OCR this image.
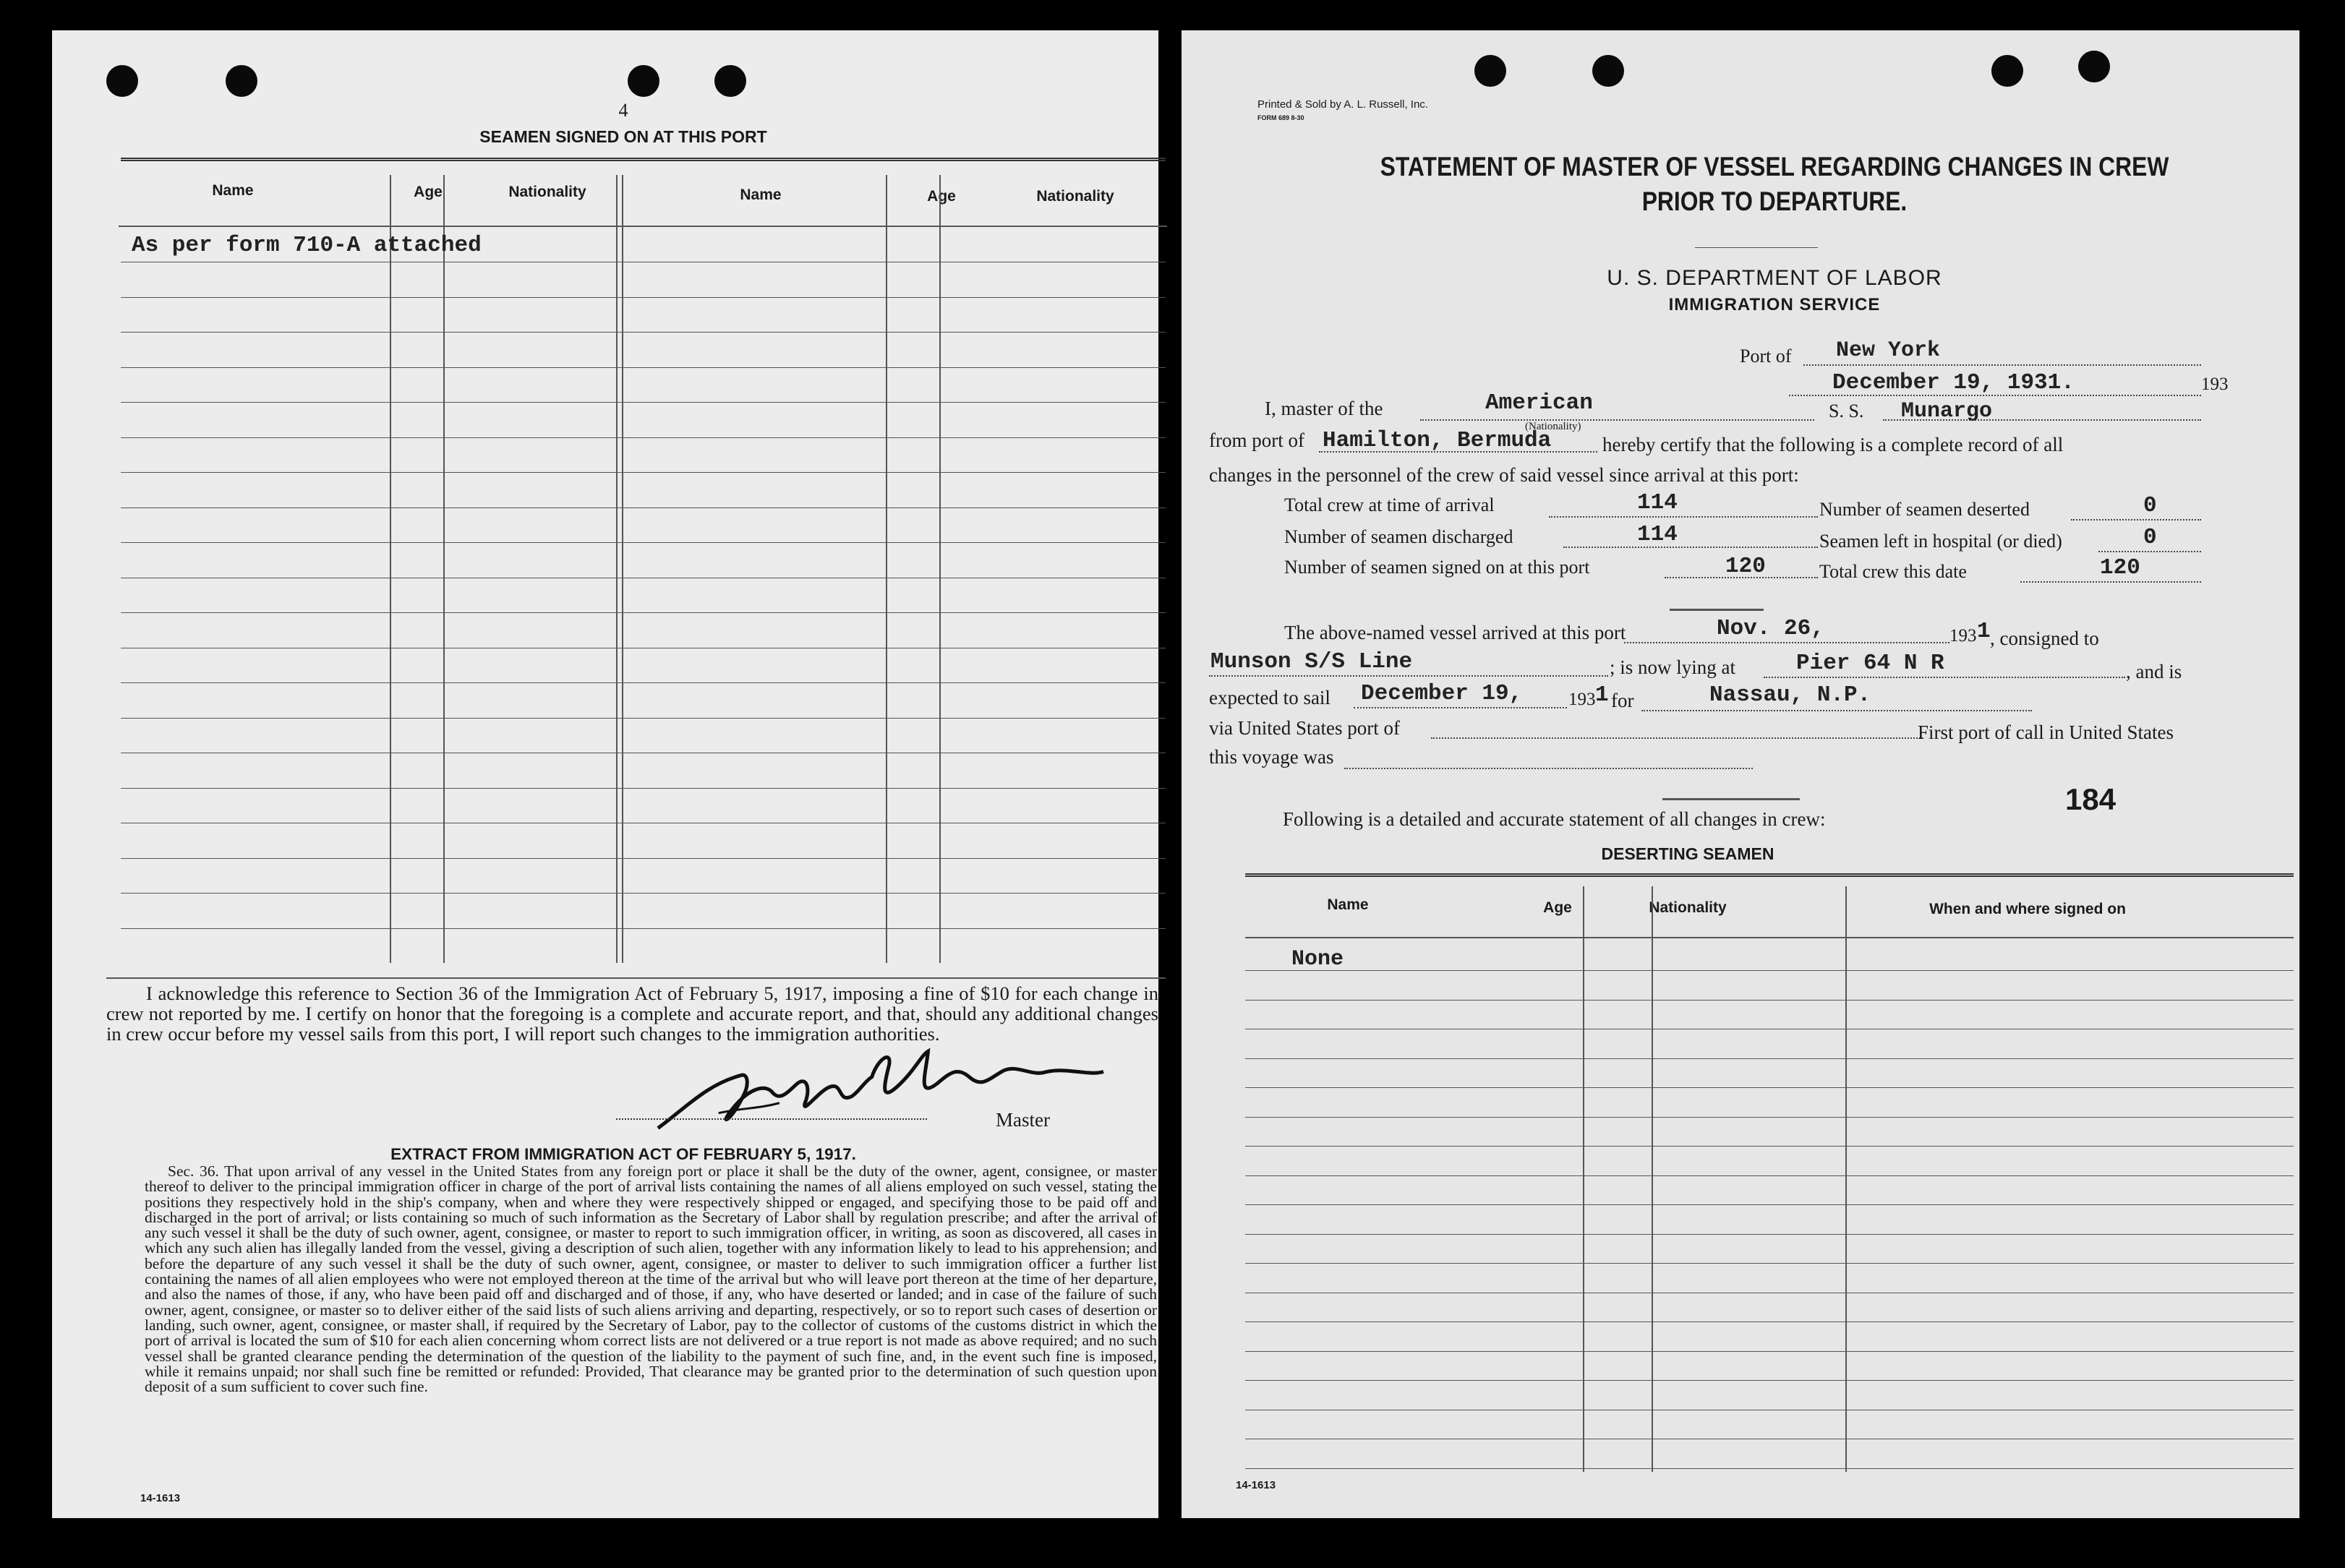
4
SEAMEN SIGNED ON AT THIS PORT
Name	Age	Nationality	Name	Age	Nationality
As per form 710-A attached
I acknowledge this reference to Section 36 of the Immigration Act of February 5, 1917, imposing a fine of $10 for each change in crew not reported by me. I certify on honor that the foregoing is a complete and accurate report, and that, should any additional changes in crew occur before my vessel sails from this port, I will report such changes to the immigration authorities.
Master
EXTRACT FROM IMMIGRATION ACT OF FEBRUARY 5, 1917.
Sec. 36. That upon arrival of any vessel in the United States from any foreign port or place it shall be the duty of the owner, agent, consignee, or master thereof to deliver to the principal immigration officer in charge of the port of arrival lists containing the names of all aliens employed on such vessel, stating the positions they respectively hold in the ship's company, when and where they were respectively shipped or engaged, and specifying those to be paid off and discharged in the port of arrival; or lists containing so much of such information as the Secretary of Labor shall by regulation prescribe; and after the arrival of any such vessel it shall be the duty of such owner, agent, consignee, or master to report to such immigration officer, in writing, as soon as discovered, all cases in which any such alien has illegally landed from the vessel, giving a description of such alien, together with any information likely to lead to his apprehension; and before the departure of any such vessel it shall be the duty of such owner, agent, consignee, or master to deliver to such immigration officer a further list containing the names of all alien employees who were not employed thereon at the time of the arrival but who will leave port thereon at the time of her departure, and also the names of those, if any, who have been paid off and discharged and of those, if any, who have deserted or landed; and in case of the failure of such owner, agent, consignee, or master so to deliver either of the said lists of such aliens arriving and departing, respectively, or so to report such cases of desertion or landing, such owner, agent, consignee, or master shall, if required by the Secretary of Labor, pay to the collector of customs of the customs district in which the port of arrival is located the sum of $10 for each alien concerning whom correct lists are not delivered or a true report is not made as above required; and no such vessel shall be granted clearance pending the determination of the question of the liability to the payment of such fine, and, in the event such fine is imposed, while it remains unpaid; nor shall such fine be remitted or refunded: Provided, That clearance may be granted prior to the determination of such question upon deposit of a sum sufficient to cover such fine.
14-1613
Printed & Sold by A. L. Russell, Inc.
FORM 689 8-30
STATEMENT OF MASTER OF VESSEL REGARDING CHANGES IN CREW
PRIOR TO DEPARTURE.
U. S. DEPARTMENT OF LABOR
IMMIGRATION SERVICE
Port of New York
December 19, 1931.	193
I, master of the	American
(Nationality)
S. S. Munargo
from port of Hamilton, Bermuda	hereby certify that the following is a complete record of all
changes in the personnel of the crew of said vessel since arrival at this port:
Total crew at time of arrival	114	Number of seamen deserted	0
Number of seamen discharged	114	Seamen left in hospital (or died)	0
Number of seamen signed on at this port	120	Total crew this date	120
The above-named vessel arrived at this port	Nov. 26,	193 1 , consigned to
Munson S/S Line	; is now lying at	Pier 64 N R	, and is
expected to sail December 19,	193 1 for	Nassau, N.P.
via United States port of	First port of call in United States
this voyage was
184
Following is a detailed and accurate statement of all changes in crew:
DESERTING SEAMEN
Name	Age	Nationality	When and where signed on
None
14-1613
